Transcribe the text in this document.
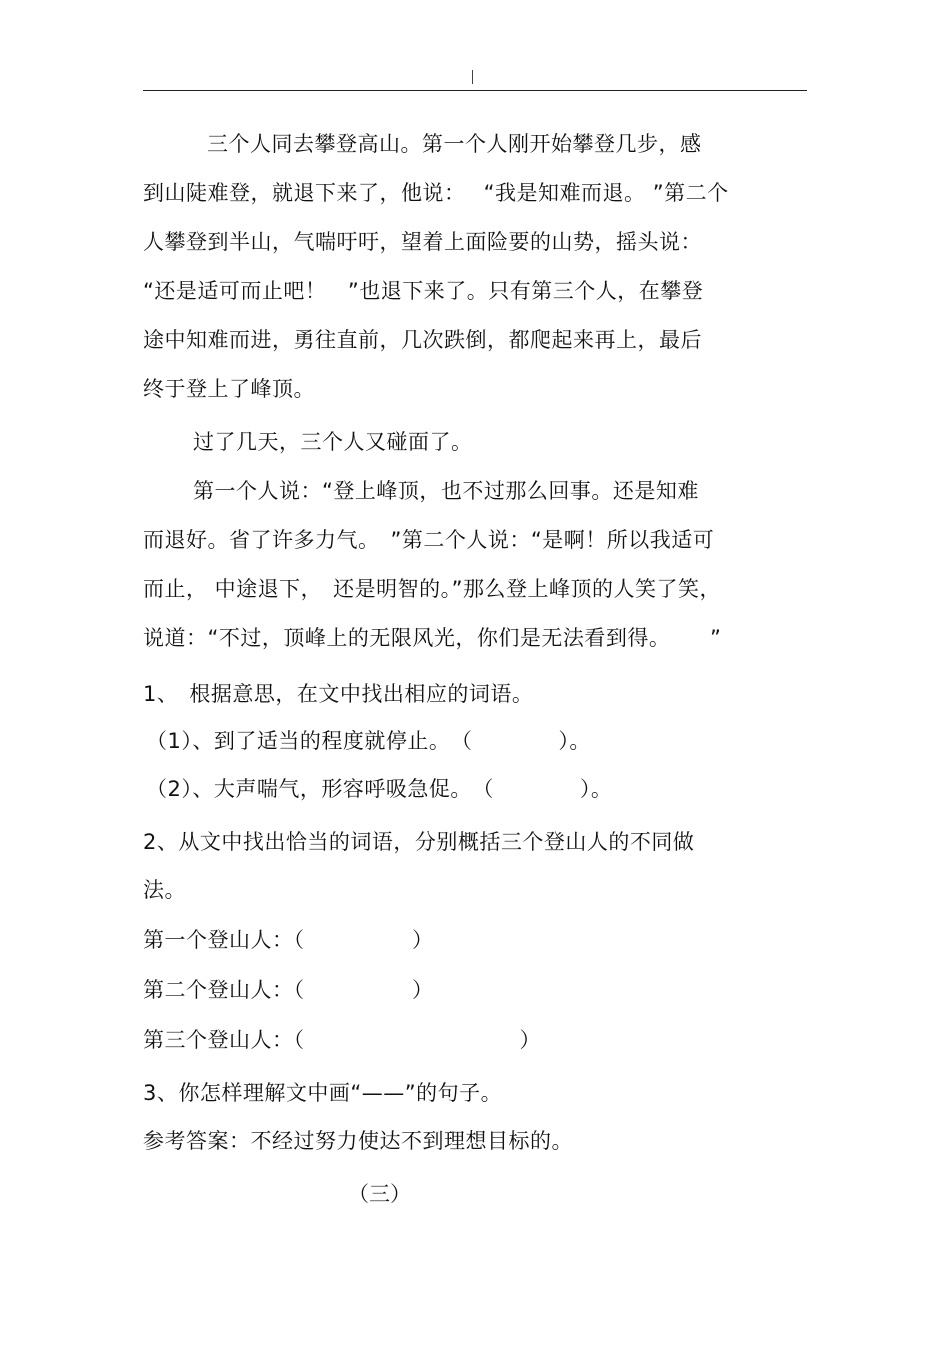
三个人同去攀登高山。第一个人刚开始攀登几步，感
到山陡难登，就退下来了，他说：　 “我是知难而退。 ”第二个
人攀登到半山，气喘吁吁，望着上面险要的山势，摇头说：
“还是适可而止吧！　”也退下来了。只有第三个人，在攀登
途中知难而进，勇往直前，几次跌倒，都爬起来再上，最后
终于登上了峰顶。
过了几天，三个人又碰面了。
第一个人说：“登上峰顶，也不过那么回事。还是知难
而退好。省了许多力气。　”第二个人说：“是啊！所以我适可
而止， 中途退下，　还是明智的。”那么登上峰顶的人笑了笑，
说道：“不过，顶峰上的无限风光，你们是无法看到得。　　 ”
1、　根据意思，在文中找出相应的词语。
（1）、到了适当的程度就停止。　（　　　　）。
（2）、大声喘气，形容呼吸急促。　（　　　　）。
2、从文中找出恰当的词语，分别概括三个登山人的不同做
法。
第一个登山人：（　　　　　）
第二个登山人：（　　　　　）
第三个登山人：（　　　　　　　　　　）
3、你怎样理解文中画“——”的句子。
参考答案：不经过努力使达不到理想目标的。
（三）
